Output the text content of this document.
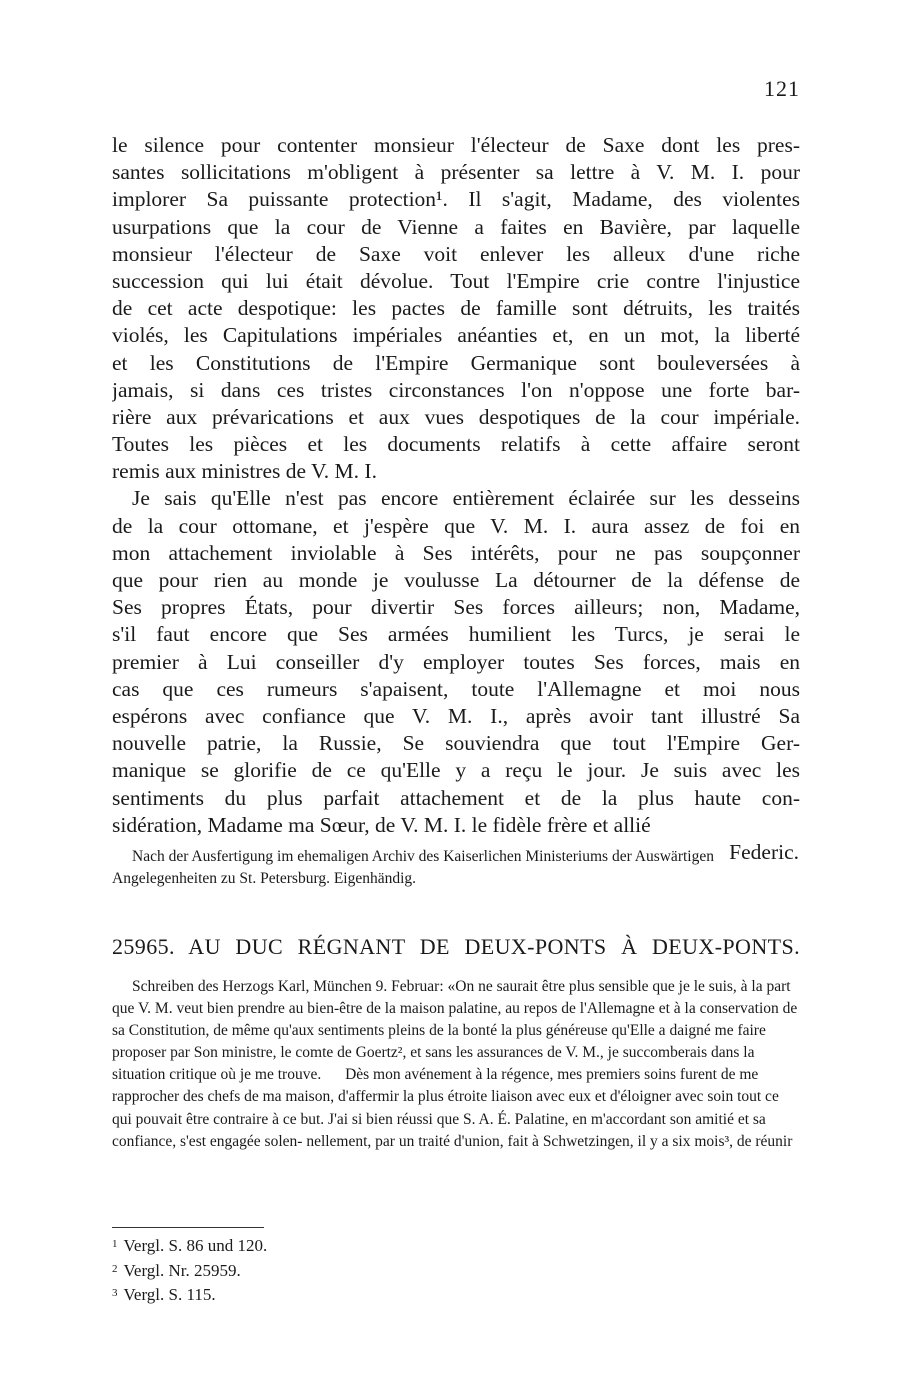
121
le silence pour contenter monsieur l'électeur de Saxe dont les pres-
santes sollicitations m'obligent à présenter sa lettre à V. M. I. pour
implorer Sa puissante protection¹. Il s'agit, Madame, des violentes
usurpations que la cour de Vienne a faites en Bavière, par laquelle
monsieur l'électeur de Saxe voit enlever les alleux d'une riche
succession qui lui était dévolue. Tout l'Empire crie contre l'injustice
de cet acte despotique: les pactes de famille sont détruits, les traités
violés, les Capitulations impériales anéanties et, en un mot, la liberté
et les Constitutions de l'Empire Germanique sont bouleversées à
jamais, si dans ces tristes circonstances l'on n'oppose une forte bar-
rière aux prévarications et aux vues despotiques de la cour impériale.
Toutes les pièces et les documents relatifs à cette affaire seront
remis aux ministres de V. M. I.
Je sais qu'Elle n'est pas encore entièrement éclairée sur les desseins
de la cour ottomane, et j'espère que V. M. I. aura assez de foi en
mon attachement inviolable à Ses intérêts, pour ne pas soupçonner
que pour rien au monde je voulusse La détourner de la défense de
Ses propres États, pour divertir Ses forces ailleurs; non, Madame,
s'il faut encore que Ses armées humilient les Turcs, je serai le
premier à Lui conseiller d'y employer toutes Ses forces, mais en
cas que ces rumeurs s'apaisent, toute l'Allemagne et moi nous
espérons avec confiance que V. M. I., après avoir tant illustré Sa
nouvelle patrie, la Russie, Se souviendra que tout l'Empire Ger-
manique se glorifie de ce qu'Elle y a reçu le jour. Je suis avec les
sentiments du plus parfait attachement et de la plus haute con-
sidération, Madame ma Sœur, de V. M. I. le fidèle frère et allié
Federic.
Nach der Ausfertigung im ehemaligen Archiv des Kaiserlichen Ministeriums der Auswärtigen Angelegenheiten zu St. Petersburg. Eigenhändig.
25965. AU DUC RÉGNANT DE DEUX-PONTS À DEUX-PONTS.
Schreiben des Herzogs Karl, München 9. Februar: «On ne saurait être plus sensible que je le suis, à la part que V. M. veut bien prendre au bien-être de la maison palatine, au repos de l'Allemagne et à la conservation de sa Constitution, de même qu'aux sentiments pleins de la bonté la plus généreuse qu'Elle a daigné me faire proposer par Son ministre, le comte de Goertz², et sans les assurances de V. M., je succomberais dans la situation critique où je me trouve. Dès mon avénement à la régence, mes premiers soins furent de me rapprocher des chefs de ma maison, d'affermir la plus étroite liaison avec eux et d'éloigner avec soin tout ce qui pouvait être contraire à ce but. J'ai si bien réussi que S. A. É. Palatine, en m'accordant son amitié et sa confiance, s'est engagée solen- nellement, par un traité d'union, fait à Schwetzingen, il y a six mois³, de réunir
$^1$ Vergl. S. 86 und 120.
$^2$ Vergl. Nr. 25959.
$^3$ Vergl. S. 115.
